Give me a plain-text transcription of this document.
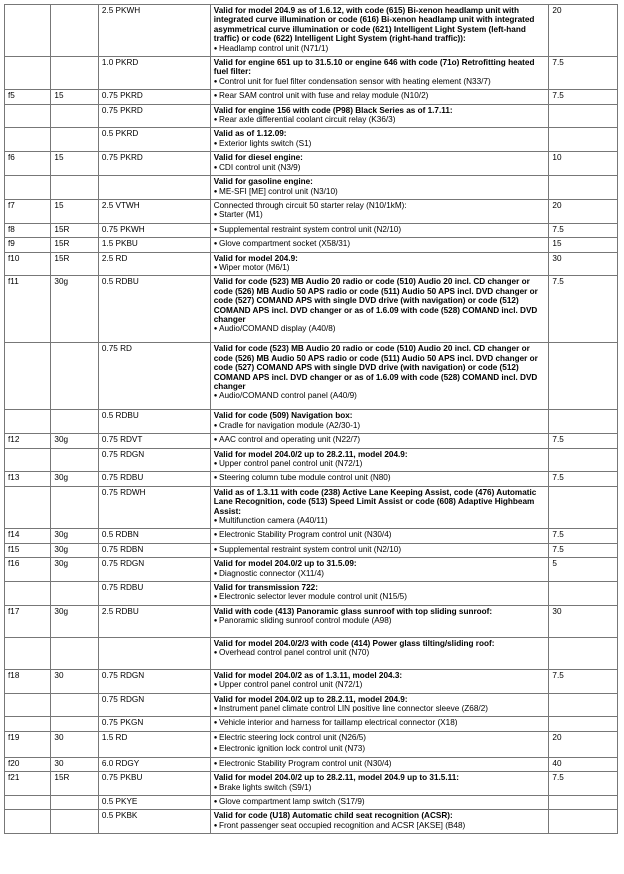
		2.5 PKWH	Valid for model 204.9 as of 1.6.12, with code (615) Bi-xenon headlamp unit with integrated curve illumination or code (616) Bi-xenon headlamp unit with integrated asymmetrical curve illumination or code (621) Intelligent Light System (left-hand traffic) or code (622) Intelligent Light System (right-hand traffic)):
● Headlamp control unit (N71/1)	20
		1.0 PKRD	Valid for engine 651 up to 31.5.10 or engine 646 with code (71o) Retrofitting heated fuel filter:
● Control unit for fuel filter condensation sensor with heating element (N33/7)	7.5
f5	15	0.75 PKRD	● Rear SAM control unit with fuse and relay module (N10/2)	7.5
		0.75 PKRD	Valid for engine 156 with code (P98) Black Series as of 1.7.11:
● Rear axle differential coolant circuit relay (K36/3)

		0.5 PKRD	Valid as of 1.12.09:
● Exterior lights switch (S1)

f6	15	0.75 PKRD	Valid for diesel engine:
● CDI control unit (N3/9)	10

			Valid for gasoline engine:
● ME-SFI [ME] control unit (N3/10)

f7	15	2.5 VTWH	Connected through circuit 50 starter relay (N10/1kM):
● Starter (M1)	20
f8	15R	0.75 PKWH	● Supplemental restraint system control unit (N2/10)	7.5
f9	15R	1.5 PKBU	● Glove compartment socket (X58/31)	15
f10	15R	2.5 RD	Valid for model 204.9:
● Wiper motor (M6/1)	30
f11	30g	0.5 RDBU	Valid for code (523) MB Audio 20 radio or code (510) Audio 20 incl. CD changer or code (526) MB Audio 50 APS radio or code (511) Audio 50 APS incl. DVD changer or code (527) COMAND APS with single DVD drive (with navigation) or code (512) COMAND APS incl. DVD changer or as of 1.6.09 with code (528) COMAND incl. DVD changer
● Audio/COMAND display (A40/8)	7.5
		0.75 RD	Valid for code (523) MB Audio 20 radio or code (510) Audio 20 incl. CD changer or code (526) MB Audio 50 APS radio or code (511) Audio 50 APS incl. DVD changer or code (527) COMAND APS with single DVD drive (with navigation) or code (512) COMAND APS incl. DVD changer or as of 1.6.09 with code (528) COMAND incl. DVD changer
● Audio/COMAND control panel (A40/9)

		0.5 RDBU	Valid for code (509) Navigation box:
● Cradle for navigation module (A2/30-1)

f12	30g	0.75 RDVT	● AAC control and operating unit (N22/7)	7.5
		0.75 RDGN	Valid for model 204.0/2 up to 28.2.11, model 204.9:
● Upper control panel control unit (N72/1)

f13	30g	0.75 RDBU	● Steering column tube module control unit (N80)	7.5
		0.75 RDWH	Valid as of 1.3.11 with code (238) Active Lane Keeping Assist, code (476) Automatic Lane Recognition, code (513) Speed Limit Assist or code (608) Adaptive Highbeam Assist:
● Multifunction camera (A40/11)

f14	30g	0.5 RDBN	● Electronic Stability Program control unit (N30/4)	7.5
f15	30g	0.75 RDBN	● Supplemental restraint system control unit (N2/10)	7.5
f16	30g	0.75 RDGN	Valid for model 204.0/2 up to 31.5.09:
● Diagnostic connector (X11/4)	5
		0.75 RDBU	Valid for transmission 722:
● Electronic selector lever module control unit (N15/5)

f17	30g	2.5 RDBU	Valid with code (413) Panoramic glass sunroof with top sliding sunroof:
● Panoramic sliding sunroof control module (A98)	30

			Valid for model 204.0/2/3 with code (414) Power glass tilting/sliding roof:
● Overhead control panel control unit (N70)

f18	30	0.75 RDGN	Valid for model 204.0/2 as of 1.3.11, model 204.3:
● Upper control panel control unit (N72/1)	7.5
		0.75 RDGN	Valid for model 204.0/2 up to 28.2.11, model 204.9:
● Instrument panel climate control LIN positive line connector sleeve (Z68/2)

		0.75 PKGN	● Vehicle interior and harness for taillamp electrical connector (X18)

f19	30	1.5 RD	● Electric steering lock control unit (N26/5)
● Electronic ignition lock control unit (N73)	20
f20	30	6.0 RDGY	● Electronic Stability Program control unit (N30/4)	40
f21	15R	0.75 PKBU	Valid for model 204.0/2 up to 28.2.11, model 204.9 up to 31.5.11:
● Brake lights switch (S9/1)	7.5
		0.5 PKYE	● Glove compartment lamp switch (S17/9)

		0.5 PKBK	Valid for code (U18) Automatic child seat recognition (ACSR):
● Front passenger seat occupied recognition and ACSR [AKSE] (B48)
